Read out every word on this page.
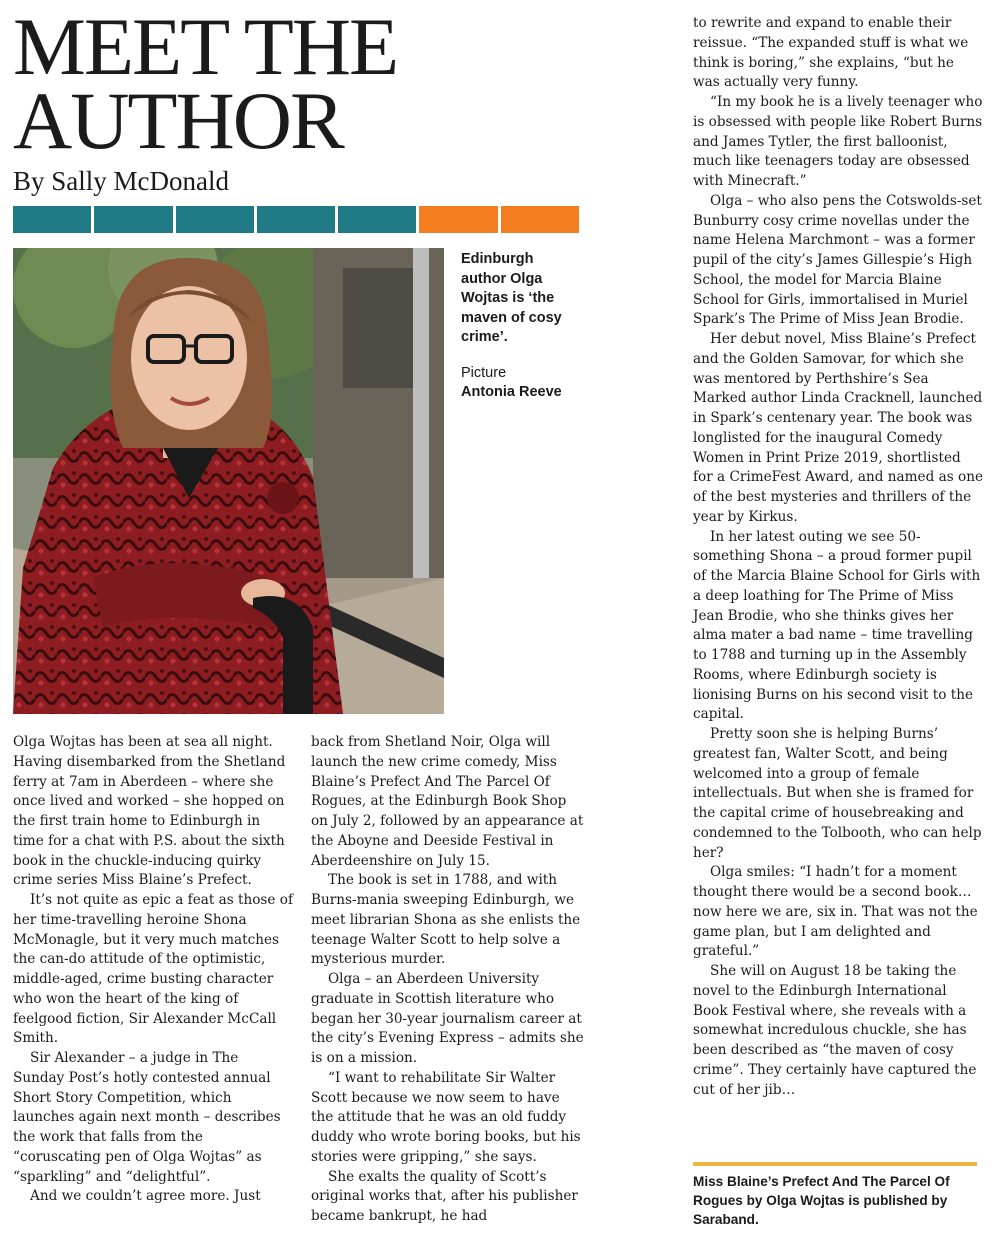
MEET THE AUTHOR
By Sally McDonald

Edinburgh author Olga Wojtas is ‘the maven of cosy crime’.

Picture

Antonia Reeve

Olga Wojtas has been at sea all night. Having disembarked from the Shetland ferry at 7am in Aberdeen – where she once lived and worked – she hopped on the first train home to Edinburgh in time for a chat with P.S. about the sixth book in the chuckle-inducing quirky crime series Miss Blaine’s Prefect.

It’s not quite as epic a feat as those of her time-travelling heroine Shona McMonagle, but it very much matches the can-do attitude of the optimistic, middle-aged, crime busting character who won the heart of the king of feelgood fiction, Sir Alexander McCall Smith.

Sir Alexander – a judge in The Sunday Post’s hotly contested annual Short Story Competition, which launches again next month – describes the work that falls from the “coruscating pen of Olga Wojtas” as “sparkling” and “delightful”.

And we couldn’t agree more. Just

back from Shetland Noir, Olga will launch the new crime comedy, Miss Blaine’s Prefect And The Parcel Of Rogues, at the Edinburgh Book Shop on July 2, followed by an appearance at the Aboyne and Deeside Festival in Aberdeenshire on July 15.

The book is set in 1788, and with Burns-mania sweeping Edinburgh, we meet librarian Shona as she enlists the teenage Walter Scott to help solve a mysterious murder.

Olga – an Aberdeen University graduate in Scottish literature who began her 30-year journalism career at the city’s Evening Express – admits she is on a mission.

“I want to rehabilitate Sir Walter Scott because we now seem to have the attitude that he was an old fuddy duddy who wrote boring books, but his stories were gripping,” she says.

She exalts the quality of Scott’s original works that, after his publisher became bankrupt, he had

to rewrite and expand to enable their reissue. “The expanded stuff is what we think is boring,” she explains, “but he was actually very funny.

“In my book he is a lively teenager who is obsessed with people like Robert Burns and James Tytler, the first balloonist, much like teenagers today are obsessed with Minecraft.”

Olga – who also pens the Cotswolds-set Bunburry cosy crime novellas under the name Helena Marchmont – was a former pupil of the city’s James Gillespie’s High School, the model for Marcia Blaine School for Girls, immortalised in Muriel Spark’s The Prime of Miss Jean Brodie.

Her debut novel, Miss Blaine’s Prefect and the Golden Samovar, for which she was mentored by Perthshire’s Sea Marked author Linda Cracknell, launched in Spark’s centenary year. The book was longlisted for the inaugural Comedy Women in Print Prize 2019, shortlisted for a CrimeFest Award, and named as one of the best mysteries and thrillers of the year by Kirkus.

In her latest outing we see 50-something Shona – a proud former pupil of the Marcia Blaine School for Girls with a deep loathing for The Prime of Miss Jean Brodie, who she thinks gives her alma mater a bad name – time travelling to 1788 and turning up in the Assembly Rooms, where Edinburgh society is lionising Burns on his second visit to the capital.

Pretty soon she is helping Burns’ greatest fan, Walter Scott, and being welcomed into a group of female intellectuals. But when she is framed for the capital crime of housebreaking and condemned to the Tolbooth, who can help her?

Olga smiles: “I hadn’t for a moment thought there would be a second book… now here we are, six in. That was not the game plan, but I am delighted and grateful.”

She will on August 18 be taking the novel to the Edinburgh International Book Festival where, she reveals with a somewhat incredulous chuckle, she has been described as “the maven of cosy crime”. They certainly have captured the cut of her jib…

Miss Blaine’s Prefect And The Parcel Of Rogues by Olga Wojtas is published by Saraband.
